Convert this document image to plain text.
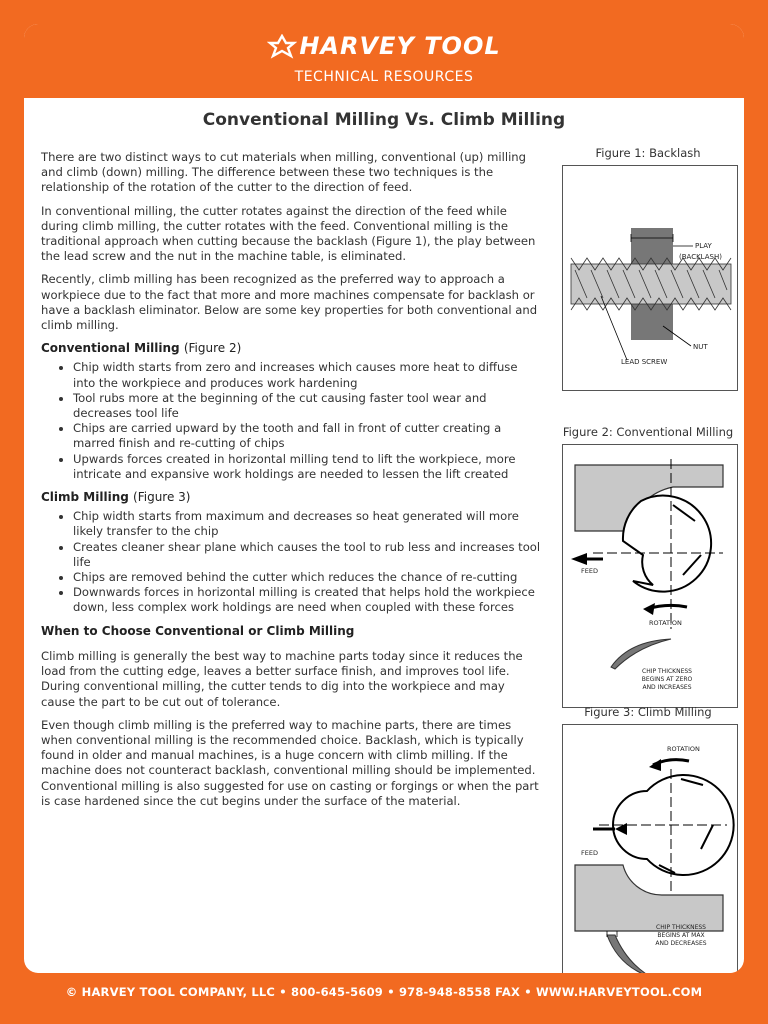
HARVEY TOOL
TECHNICAL RESOURCES
Conventional Milling Vs. Climb Milling

There are two distinct ways to cut materials when milling, conventional (up) milling and climb (down) milling. The difference between these two techniques is the relationship of the rotation of the cutter to the direction of feed.

In conventional milling, the cutter rotates against the direction of the feed while during climb milling, the cutter rotates with the feed. Conventional milling is the traditional approach when cutting because the backlash (Figure 1), the play between the lead screw and the nut in the machine table, is eliminated.

Recently, climb milling has been recognized as the preferred way to approach a workpiece due to the fact that more and more machines compensate for backlash or have a backlash eliminator. Below are some key properties for both conventional and climb milling.

Conventional Milling (Figure 2)
• Chip width starts from zero and increases which causes more heat to diffuse into the workpiece and produces work hardening
• Tool rubs more at the beginning of the cut causing faster tool wear and decreases tool life
• Chips are carried upward by the tooth and fall in front of cutter creating a marred finish and re-cutting of chips
• Upwards forces created in horizontal milling tend to lift the workpiece, more intricate and expansive work holdings are needed to lessen the lift created
Climb Milling (Figure 3)
• Chip width starts from maximum and decreases so heat generated will more likely transfer to the chip
• Creates cleaner shear plane which causes the tool to rub less and increases tool life
• Chips are removed behind the cutter which reduces the chance of re-cutting
• Downwards forces in horizontal milling is created that helps hold the workpiece down, less complex work holdings are need when coupled with these forces
When to Choose Conventional or Climb Milling

Climb milling is generally the best way to machine parts today since it reduces the load from the cutting edge, leaves a better surface finish, and improves tool life. During conventional milling, the cutter tends to dig into the workpiece and may cause the part to be cut out of tolerance.

Even though climb milling is the preferred way to machine parts, there are times when conventional milling is the recommended choice. Backlash, which is typically found in older and manual machines, is a huge concern with climb milling. If the machine does not counteract backlash, conventional milling should be implemented. Conventional milling is also suggested for use on casting or forgings or when the part is case hardened since the cut begins under the surface of the material.

Figure 1: Backlash
PLAY
(BACKLASH)
NUT
LEAD SCREW
Figure 2: Conventional Milling
FEED
ROTATION
CHIP THICKNESS
BEGINS AT ZERO
AND INCREASES
Figure 3: Climb Milling
ROTATION
FEED
CHIP THICKNESS
BEGINS AT MAX
AND DECREASES
© HARVEY TOOL COMPANY, LLC • 800-645-5609 • 978-948-8558 FAX • WWW.HARVEYTOOL.COM
